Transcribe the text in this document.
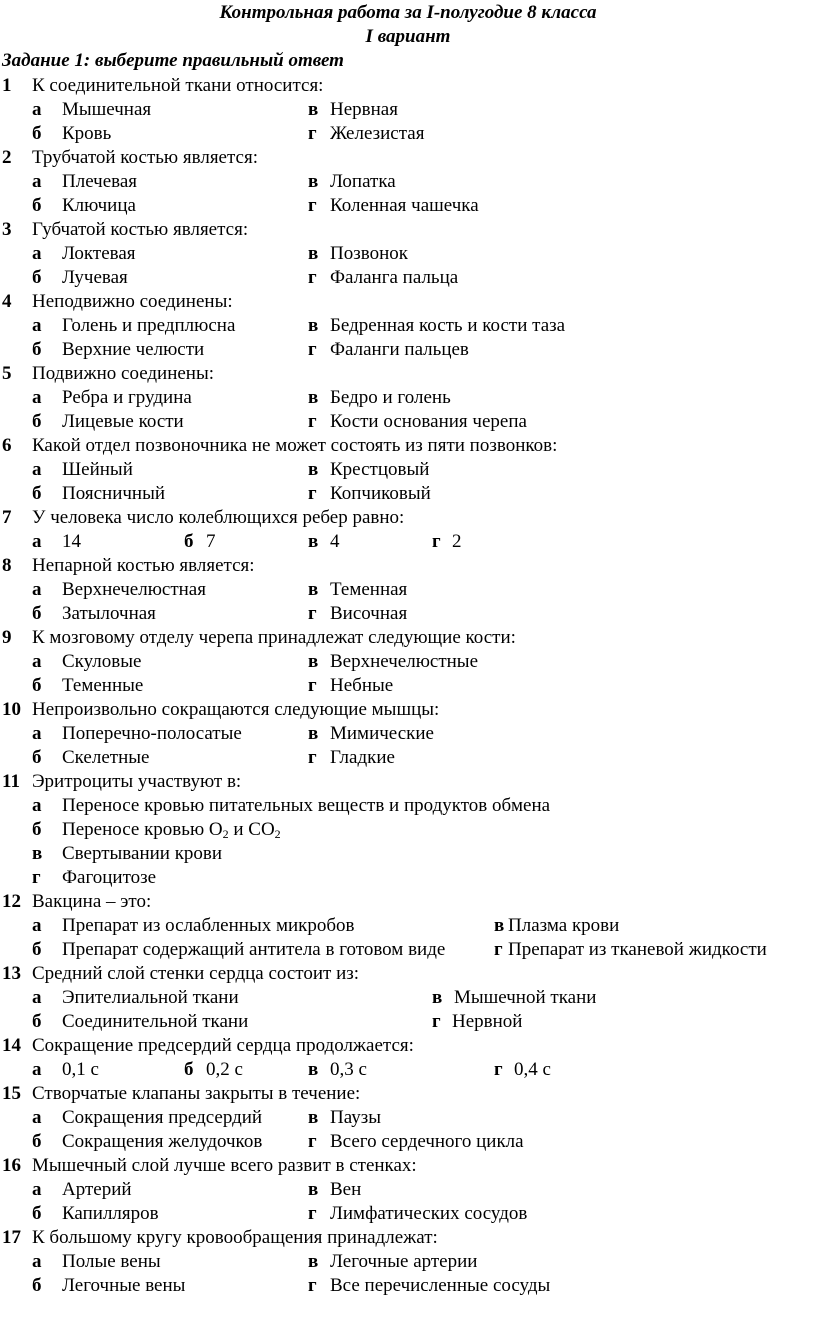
Контрольная работа за I-полугодие 8 класса
I вариант
Задание 1: выберите правильный ответ
1 К соединительной ткани относится:
а Мышечная	в Нервная
б Кровь	г Железистая
2 Трубчатой костью является:
а Плечевая	в Лопатка
б Ключица	г Коленная чашечка
3 Губчатой костью является:
а Локтевая	в Позвонок
б Лучевая	г Фаланга пальца
4 Неподвижно соединены:
а Голень и предплюсна	в Бедренная кость и кости таза
б Верхние челюсти	г Фаланги пальцев
5 Подвижно соединены:
а Ребра и грудина	в Бедро и голень
б Лицевые кости	г Кости основания черепа
6 Какой отдел позвоночника не может состоять из пяти позвонков:
а Шейный	в Крестцовый
б Поясничный	г Копчиковый
7 У человека число колеблющихся ребер равно:
а 14	б 7	в 4	г 2
8 Непарной костью является:
а Верхнечелюстная	в Теменная
б Затылочная	г Височная
9 К мозговому отделу черепа принадлежат следующие кости:
а Скуловые	в Верхнечелюстные
б Теменные	г Небные
10 Непроизвольно сокращаются следующие мышцы:
а Поперечно-полосатые	в Мимические
б Скелетные	г Гладкие
11 Эритроциты участвуют в:
а Переносе кровью питательных веществ и продуктов обмена
б Переносе кровью $O_2$ и $CO_2$
в Свертывании крови
г Фагоцитозе
12 Вакцина – это:
а Препарат из ослабленных микробов	в Плазма крови
б Препарат содержащий антитела в готовом виде	г Препарат из тканевой жидкости
13 Средний слой стенки сердца состоит из:
а Эпителиальной ткани	в Мышечной ткани
б Соединительной ткани	г Нервной
14 Сокращение предсердий сердца продолжается:
а 0,1 с	б 0,2 с	в 0,3 с	г 0,4 с
15 Створчатые клапаны закрыты в течение:
а Сокращения предсердий в Паузы
б Сокращения желудочков г Всего сердечного цикла
16 Мышечный слой лучше всего развит в стенках:
а Артерий	в Вен
б Капилляров	г Лимфатических сосудов
17 К большому кругу кровообращения принадлежат:
а Полые вены	в Легочные артерии
б Легочные вены	г Все перечисленные сосуды
